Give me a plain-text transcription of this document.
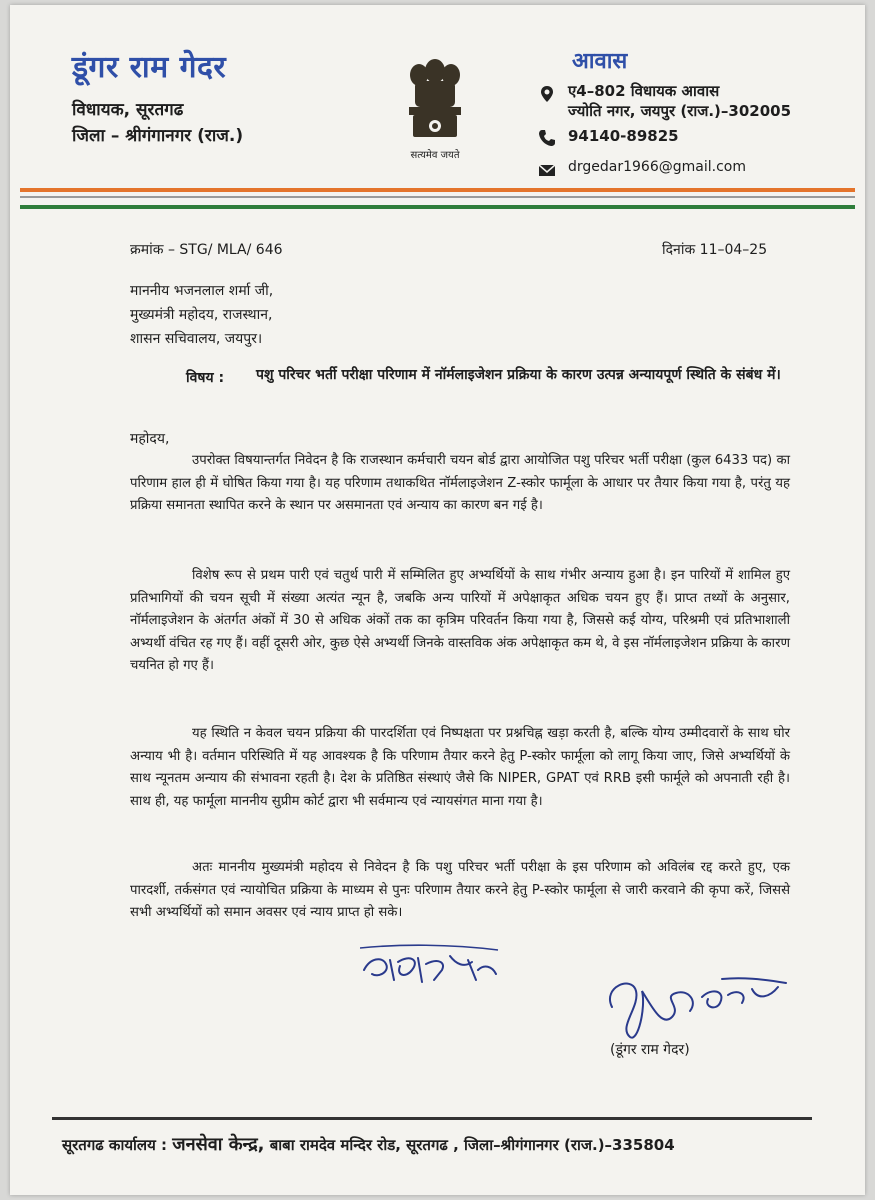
डूंगर राम गेदर
विधायक, सूरतगढ
जिला – श्रीगंगानगर (राज.)
सत्यमेव जयते
आवास
ए4–802 विधायक आवास
ज्योति नगर, जयपुर (राज.)–302005
94140-89825
drgedar1966@gmail.com
क्रमांक – STG/ MLA/ 646	दिनांक 11–04–25
माननीय भजनलाल शर्मा जी,
मुख्यमंत्री महोदय, राजस्थान,
शासन सचिवालय, जयपुर।
विषय : पशु परिचर भर्ती परीक्षा परिणाम में नॉर्मलाइजेशन प्रक्रिया के कारण उत्पन्न अन्यायपूर्ण स्थिति के संबंध में।
महोदय,
उपरोक्त विषयान्तर्गत निवेदन है कि राजस्थान कर्मचारी चयन बोर्ड द्वारा आयोजित पशु परिचर भर्ती परीक्षा (कुल 6433 पद) का परिणाम हाल ही में घोषित किया गया है। यह परिणाम तथाकथित नॉर्मलाइजेशन Z-स्कोर फार्मूला के आधार पर तैयार किया गया है, परंतु यह प्रक्रिया समानता स्थापित करने के स्थान पर असमानता एवं अन्याय का कारण बन गई है।
विशेष रूप से प्रथम पारी एवं चतुर्थ पारी में सम्मिलित हुए अभ्यर्थियों के साथ गंभीर अन्याय हुआ है। इन पारियों में शामिल हुए प्रतिभागियों की चयन सूची में संख्या अत्यंत न्यून है, जबकि अन्य पारियों में अपेक्षाकृत अधिक चयन हुए हैं। प्राप्त तथ्यों के अनुसार, नॉर्मलाइजेशन के अंतर्गत अंकों में 30 से अधिक अंकों तक का कृत्रिम परिवर्तन किया गया है, जिससे कई योग्य, परिश्रमी एवं प्रतिभाशाली अभ्यर्थी वंचित रह गए हैं। वहीं दूसरी ओर, कुछ ऐसे अभ्यर्थी जिनके वास्तविक अंक अपेक्षाकृत कम थे, वे इस नॉर्मलाइजेशन प्रक्रिया के कारण चयनित हो गए हैं।
यह स्थिति न केवल चयन प्रक्रिया की पारदर्शिता एवं निष्पक्षता पर प्रश्नचिह्न खड़ा करती है, बल्कि योग्य उम्मीदवारों के साथ घोर अन्याय भी है। वर्तमान परिस्थिति में यह आवश्यक है कि परिणाम तैयार करने हेतु P-स्कोर फार्मूला को लागू किया जाए, जिसे अभ्यर्थियों के साथ न्यूनतम अन्याय की संभावना रहती है। देश के प्रतिष्ठित संस्थाएं जैसे कि NIPER, GPAT एवं RRB इसी फार्मूले को अपनाती रही है। साथ ही, यह फार्मूला माननीय सुप्रीम कोर्ट द्वारा भी सर्वमान्य एवं न्यायसंगत माना गया है।
अतः माननीय मुख्यमंत्री महोदय से निवेदन है कि पशु परिचर भर्ती परीक्षा के इस परिणाम को अविलंब रद्द करते हुए, एक पारदर्शी, तर्कसंगत एवं न्यायोचित प्रक्रिया के माध्यम से पुनः परिणाम तैयार करने हेतु P-स्कोर फार्मूला से जारी करवाने की कृपा करें, जिससे सभी अभ्यर्थियों को समान अवसर एवं न्याय प्राप्त हो सके।
(डूंगर राम गेदर)
सूरतगढ कार्यालय : जनसेवा केन्द्र, बाबा रामदेव मन्दिर रोड, सूरतगढ , जिला–श्रीगंगानगर (राज.)–335804
